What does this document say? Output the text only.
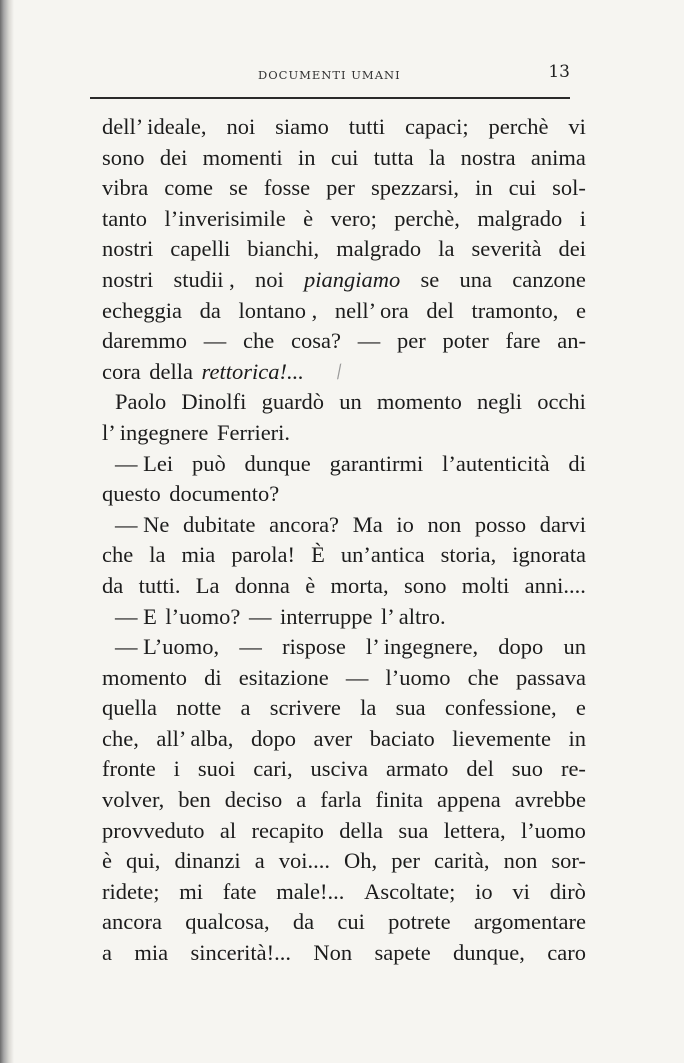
DOCUMENTI UMANI	13
dell’ ideale, noi siamo tutti capaci; perchè vi
sono dei momenti in cui tutta la nostra anima
vibra come se fosse per spezzarsi, in cui sol-
tanto l’inverisimile è vero; perchè, malgrado i
nostri capelli bianchi, malgrado la severità dei
nostri studii , noi piangiamo se una canzone
echeggia da lontano , nell’ ora del tramonto, e
daremmo — che cosa? — per poter fare an-
cora della rettorica!...
Paolo Dinolfi guardò un momento negli occhi
l’ ingegnere Ferrieri.
— Lei può dunque garantirmi l’autenticità di
questo documento?
— Ne dubitate ancora? Ma io non posso darvi
che la mia parola! È un’antica storia, ignorata
da tutti. La donna è morta, sono molti anni....
— E l’uomo? — interruppe l’ altro.
— L’uomo, — rispose l’ ingegnere, dopo un
momento di esitazione — l’uomo che passava
quella notte a scrivere la sua confessione, e
che, all’ alba, dopo aver baciato lievemente in
fronte i suoi cari, usciva armato del suo re-
volver, ben deciso a farla finita appena avrebbe
provveduto al recapito della sua lettera, l’uomo
è qui, dinanzi a voi.... Oh, per carità, non sor-
ridete; mi fate male!... Ascoltate; io vi dirò
ancora qualcosa, da cui potrete argomentare
a mia sincerità!... Non sapete dunque, caro
⁄
